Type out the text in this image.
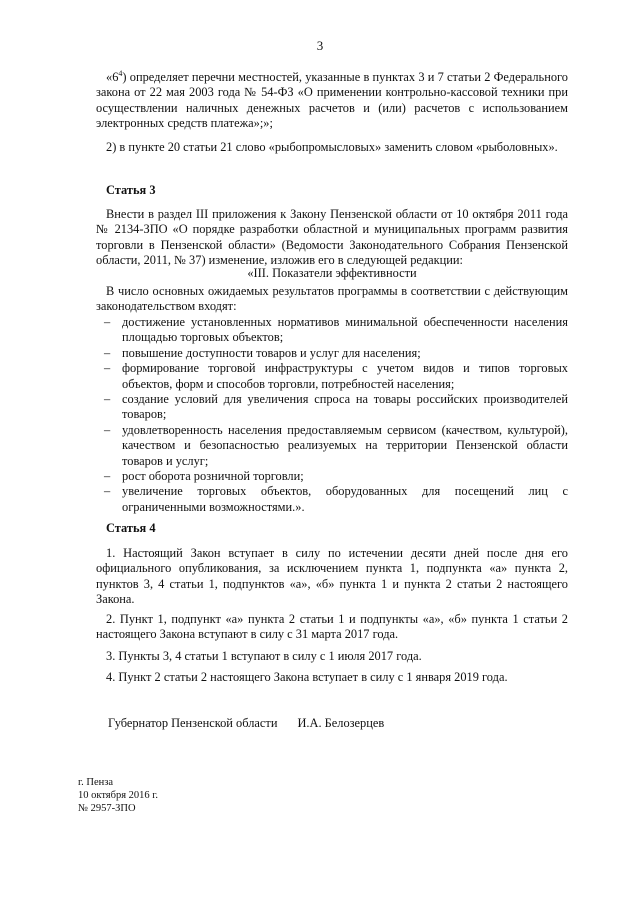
3

«$6^4$) определяет перечни местностей, указанные в пунктах 3 и 7 статьи 2 Федерального закона от 22 мая 2003 года № 54-ФЗ «О применении контрольно-кассовой техники при осуществлении наличных денежных расчетов и (или) расчетов с использованием электронных средств платежа»;»;

2) в пункте 20 статьи 21 слово «рыбопромысловых» заменить словом «рыболовных».

Статья 3

Внести в раздел III приложения к Закону Пензенской области от 10 октября 2011 года № 2134-ЗПО «О порядке разработки областной и муниципальных программ развития торговли в Пензенской области» (Ведомости Законодательного Собрания Пензенской области, 2011, № 37) изменение, изложив его в следующей редакции:

«III. Показатели эффективности

В число основных ожидаемых результатов программы в соответствии с действующим законодательством входят:

– достижение установленных нормативов минимальной обеспеченности населения площадью торговых объектов;
– повышение доступности товаров и услуг для населения;
– формирование торговой инфраструктуры с учетом видов и типов торговых объектов, форм и способов торговли, потребностей населения;
– создание условий для увеличения спроса на товары российских производителей товаров;
– удовлетворенность населения предоставляемым сервисом (качеством, культурой), качеством и безопасностью реализуемых на территории Пензенской области товаров и услуг;
– рост оборота розничной торговли;
– увеличение торговых объектов, оборудованных для посещений лиц с ограниченными возможностями.».

Статья 4

1. Настоящий Закон вступает в силу по истечении десяти дней после дня его официального опубликования, за исключением пункта 1, подпункта «а» пункта 2, пунктов 3, 4 статьи 1, подпунктов «а», «б» пункта 1 и пункта 2 статьи 2 настоящего Закона.

2. Пункт 1, подпункт «а» пункта 2 статьи 1 и подпункты «а», «б» пункта 1 статьи 2 настоящего Закона вступают в силу с 31 марта 2017 года.

3. Пункты 3, 4 статьи 1 вступают в силу с 1 июля 2017 года.

4. Пункт 2 статьи 2 настоящего Закона вступает в силу с 1 января 2019 года.

Губернатор Пензенской области И.А. Белозерцев

г. Пенза
10 октября 2016 г.
№ 2957-ЗПО
